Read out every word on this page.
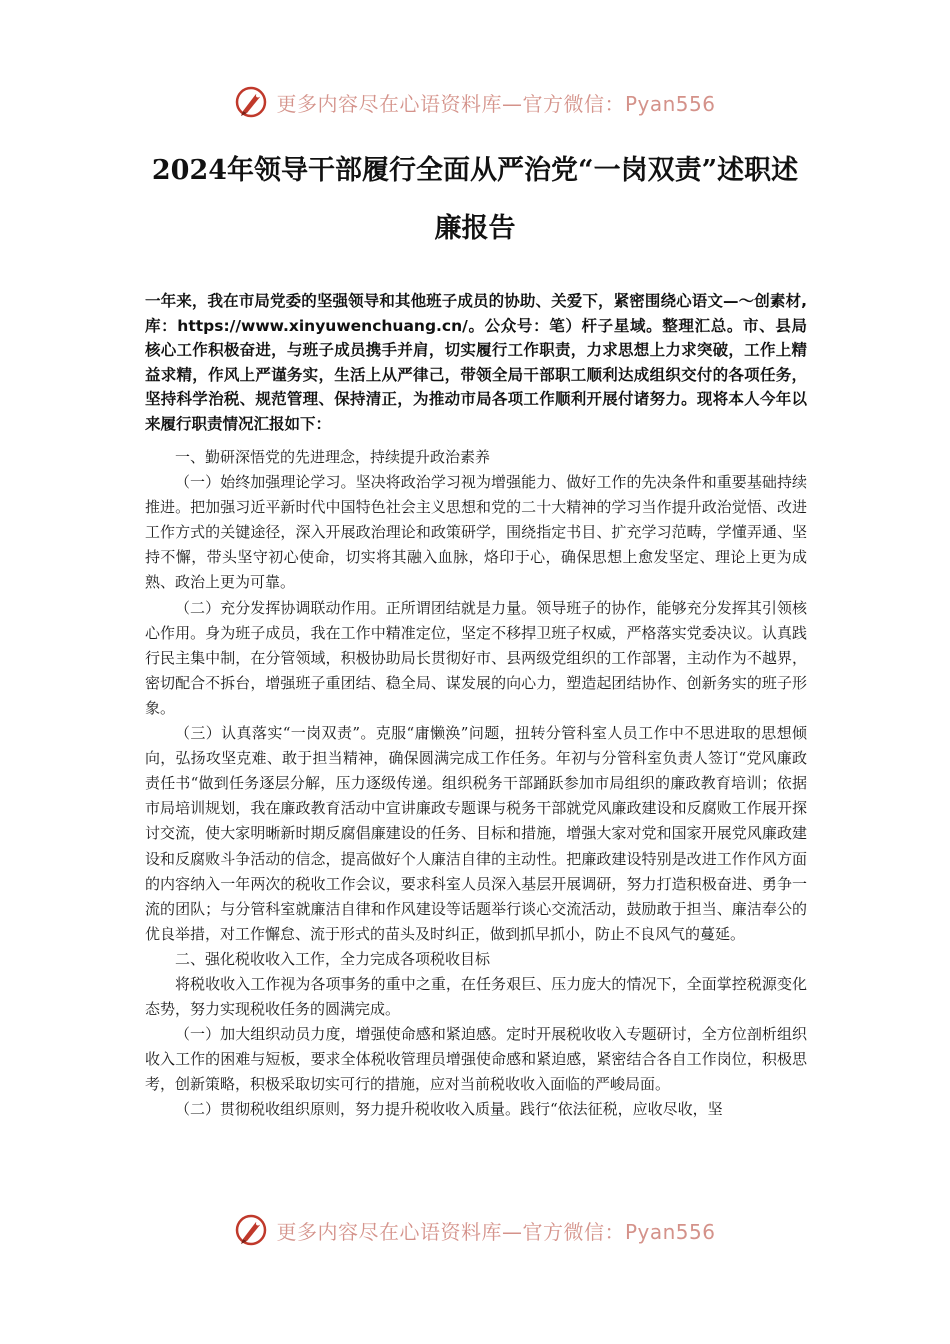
更多内容尽在心语资料库—官方微信：Pyan556
2024年领导干部履行全面从严治党“一岗双责”述职述廉报告

一年来，我在市局党委的坚强领导和其他班子成员的协助、关爱下，紧密围绕心语文—～创素材,库：https://www.xinyuwenchuang.cn/。公众号：笔）杆子星域。整理汇总。市、县局核心工作积极奋进，与班子成员携手并肩，切实履行工作职责，力求思想上力求突破，工作上精益求精，作风上严谨务实，生活上从严律己，带领全局干部职工顺利达成组织交付的各项任务，坚持科学治税、规范管理、保持清正，为推动市局各项工作顺利开展付诸努力。现将本人今年以来履行职责情况汇报如下：

一、勤研深悟党的先进理念，持续提升政治素养

（一）始终加强理论学习。坚决将政治学习视为增强能力、做好工作的先决条件和重要基础持续推进。把加强习近平新时代中国特色社会主义思想和党的二十大精神的学习当作提升政治觉悟、改进工作方式的关键途径，深入开展政治理论和政策研学，围绕指定书目、扩充学习范畴，学懂弄通、坚持不懈，带头坚守初心使命，切实将其融入血脉，烙印于心，确保思想上愈发坚定、理论上更为成熟、政治上更为可靠。

（二）充分发挥协调联动作用。正所谓团结就是力量。领导班子的协作，能够充分发挥其引领核心作用。身为班子成员，我在工作中精准定位，坚定不移捍卫班子权威，严格落实党委决议。认真践行民主集中制，在分管领域，积极协助局长贯彻好市、县两级党组织的工作部署，主动作为不越界，密切配合不拆台，增强班子重团结、稳全局、谋发展的向心力，塑造起团结协作、创新务实的班子形象。

（三）认真落实“一岗双责”。克服“庸懒涣”问题，扭转分管科室人员工作中不思进取的思想倾向，弘扬攻坚克难、敢于担当精神，确保圆满完成工作任务。年初与分管科室负责人签订“党风廉政责任书“做到任务逐层分解，压力逐级传递。组织税务干部踊跃参加市局组织的廉政教育培训；依据市局培训规划，我在廉政教育活动中宣讲廉政专题课与税务干部就党风廉政建设和反腐败工作展开探讨交流，使大家明晰新时期反腐倡廉建设的任务、目标和措施，增强大家对党和国家开展党风廉政建设和反腐败斗争活动的信念，提高做好个人廉洁自律的主动性。把廉政建设特别是改进工作作风方面的内容纳入一年两次的税收工作会议，要求科室人员深入基层开展调研，努力打造积极奋进、勇争一流的团队；与分管科室就廉洁自律和作风建设等话题举行谈心交流活动，鼓励敢于担当、廉洁奉公的优良举措，对工作懈怠、流于形式的苗头及时纠正，做到抓早抓小，防止不良风气的蔓延。

二、强化税收收入工作，全力完成各项税收目标

将税收收入工作视为各项事务的重中之重，在任务艰巨、压力庞大的情况下，全面掌控税源变化态势，努力实现税收任务的圆满完成。

（一）加大组织动员力度，增强使命感和紧迫感。定时开展税收收入专题研讨，全方位剖析组织收入工作的困难与短板，要求全体税收管理员增强使命感和紧迫感，紧密结合各自工作岗位，积极思考，创新策略，积极采取切实可行的措施，应对当前税收收入面临的严峻局面。

（二）贯彻税收组织原则，努力提升税收收入质量。践行“依法征税，应收尽收，坚

更多内容尽在心语资料库—官方微信：Pyan556
